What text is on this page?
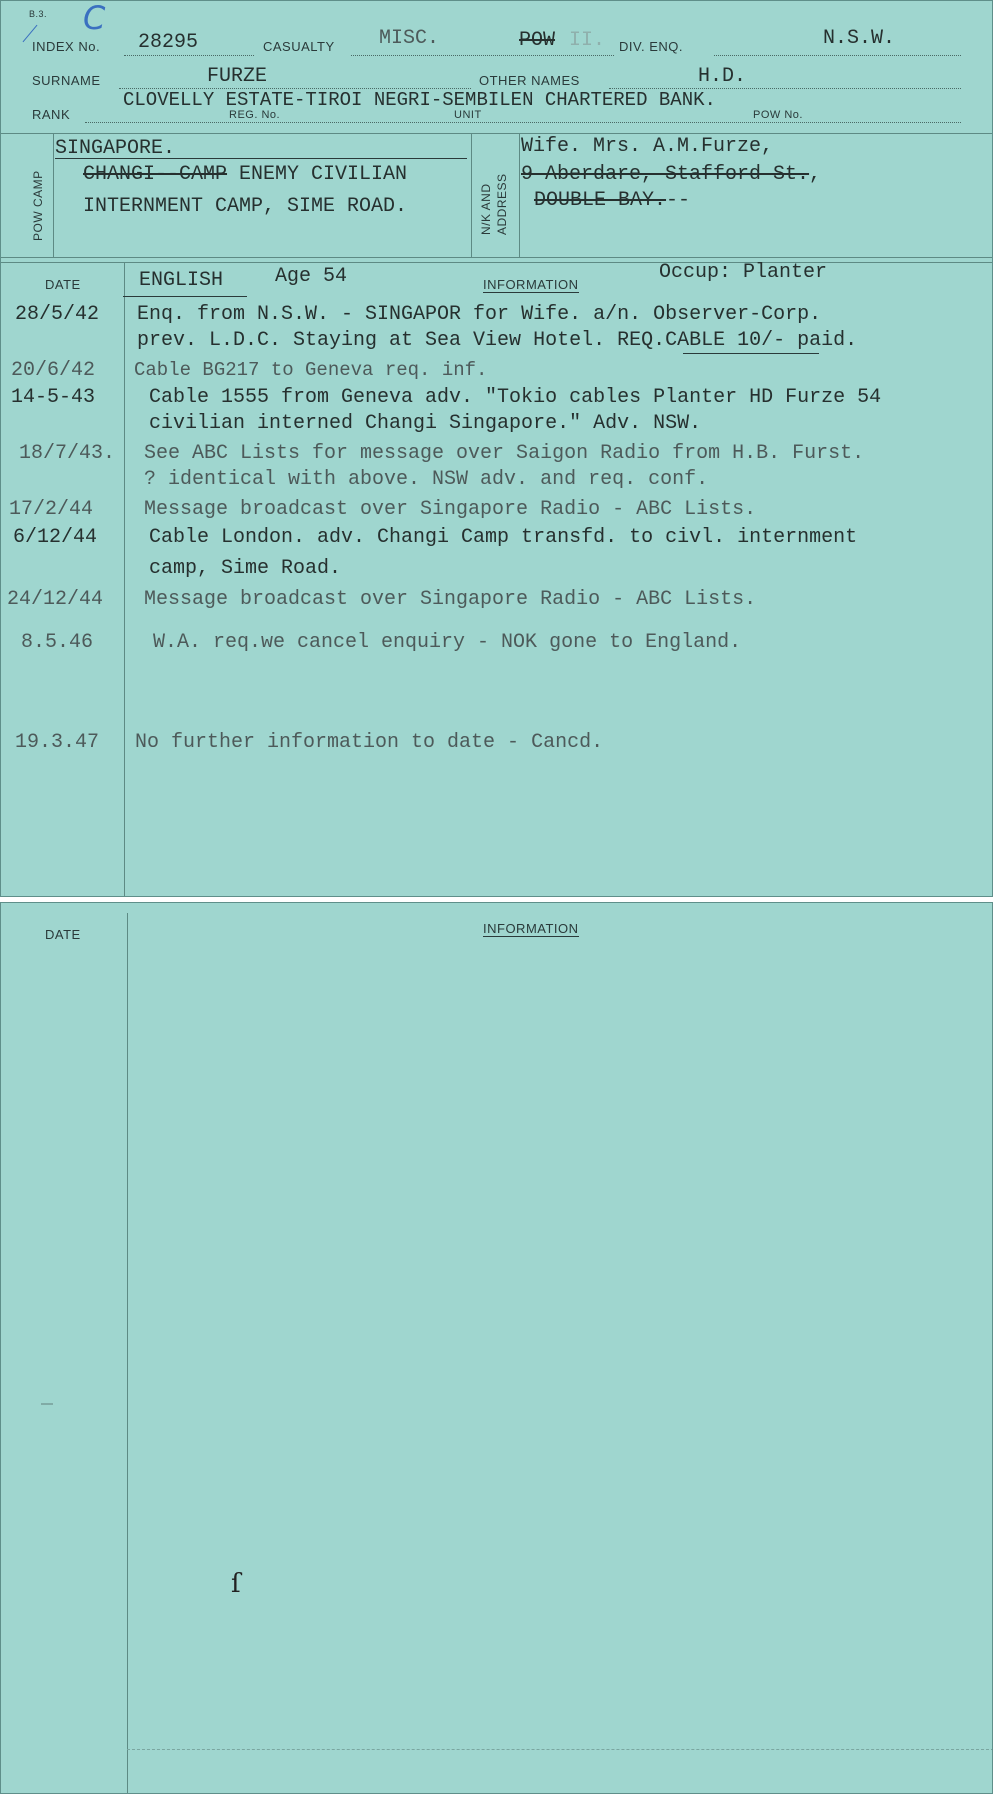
B.3. C
INDEX No. 28295	CASUALTY MISC.	POW II. DIV. ENQ.	N.S.W.
SURNAME	FURZE	OTHER NAMES	H.D.
RANK	REG. No.	UNIT	POW No.
CLOVELLY ESTATE-TIROI NEGRI-SEMBILEN CHARTERED BANK.
POW CAMP
SINGAPORE.
CHANGI--CAMP ENEMY CIVILIAN
INTERNMENT CAMP, SIME ROAD.	N/K AND ADDRESS
Wife. Mrs. A.M.Furze,
9 Aberdare, Stafford St.,
DOUBLE BAY.--
DATE	INFORMATION
ENGLISH	Age 54	Occup: Planter
28/5/42 Enq. from N.S.W. - SINGAPOR for Wife. a/n. Observer-Corp.
prev. L.D.C. Staying at Sea View Hotel. REQ.CABLE 10/- paid.
20/6/42 Cable BG217 to Geneva req. inf.
14-5-43	Cable 1555 from Geneva adv. "Tokio cables Planter HD Furze 54
civilian interned Changi Singapore." Adv. NSW.
18/7/43. See ABC Lists for message over Saigon Radio from H.B. Furst.
? identical with above. NSW adv. and req. conf.
17/2/44	Message broadcast over Singapore Radio - ABC Lists.
6/12/44	Cable London. adv. Changi Camp transfd. to civl. internment
camp, Sime Road.
24/12/44 Message broadcast over Singapore Radio - ABC Lists.
8.5.46	W.A. req.we cancel enquiry - NOK gone to England.
19.3.47 No further information to date - Cancd.
DATE	INFORMATION
ſ
